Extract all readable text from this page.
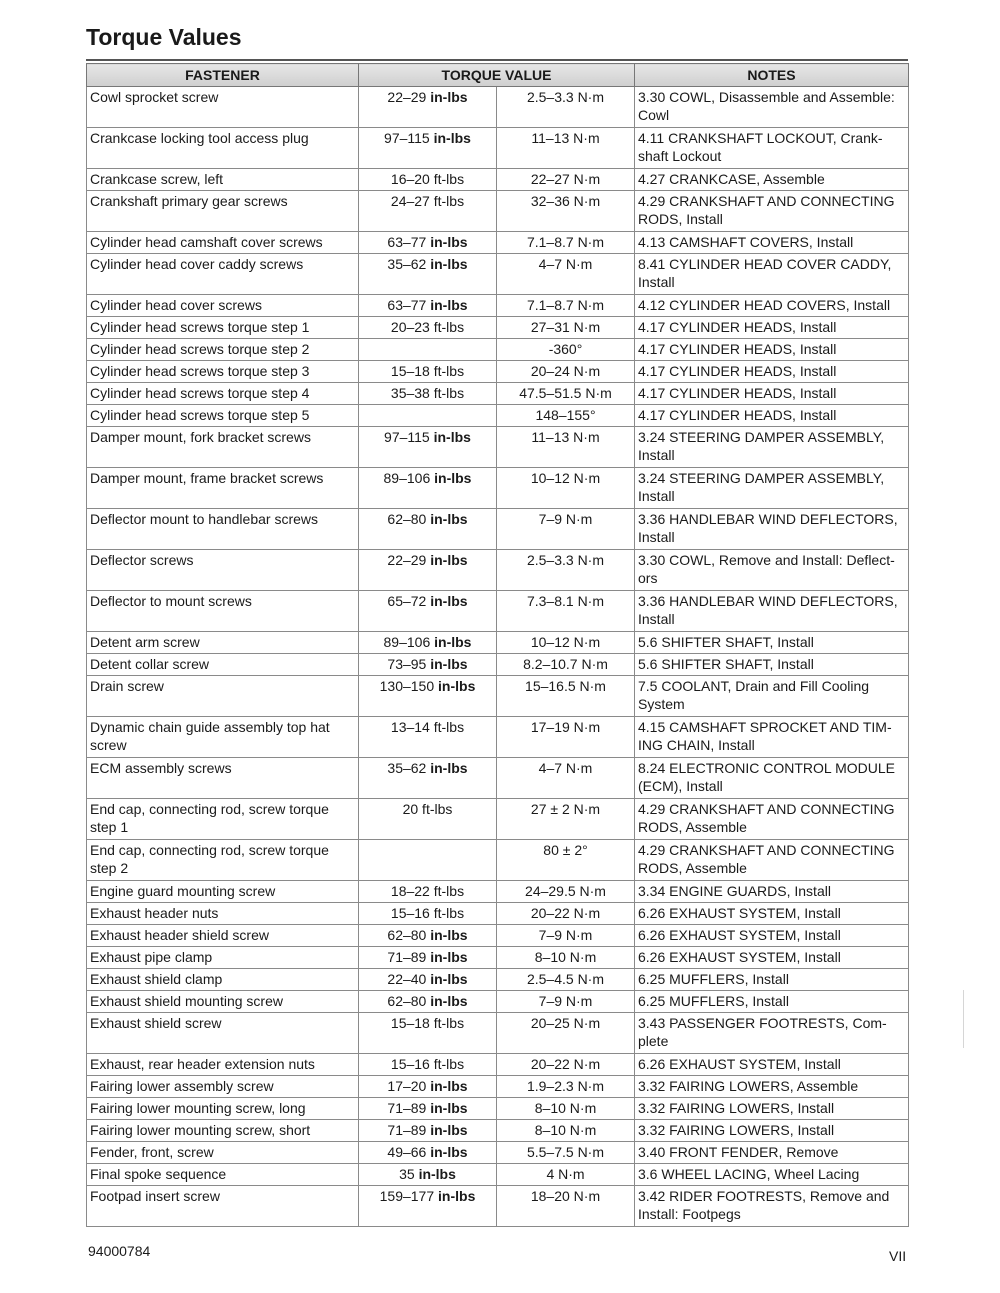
Torque Values
FASTENER	TORQUE VALUE		NOTES
Cowl sprocket screw	22–29 in-lbs	2.5–3.3 N·m	3.30 COWL, Disassemble and Assemble: Cowl
Crankcase locking tool access plug	97–115 in-lbs	11–13 N·m	4.11 CRANKSHAFT LOCKOUT, Crank-shaft Lockout
Crankcase screw, left	16–20 ft-lbs	22–27 N·m	4.27 CRANKCASE, Assemble
Crankshaft primary gear screws	24–27 ft-lbs	32–36 N·m	4.29 CRANKSHAFT AND CONNECTING RODS, Install
Cylinder head camshaft cover screws	63–77 in-lbs	7.1–8.7 N·m	4.13 CAMSHAFT COVERS, Install
Cylinder head cover caddy screws	35–62 in-lbs	4–7 N·m	8.41 CYLINDER HEAD COVER CADDY, Install
Cylinder head cover screws	63–77 in-lbs	7.1–8.7 N·m	4.12 CYLINDER HEAD COVERS, Install
Cylinder head screws torque step 1	20–23 ft-lbs	27–31 N·m	4.17 CYLINDER HEADS, Install
Cylinder head screws torque step 2		-360°	4.17 CYLINDER HEADS, Install
Cylinder head screws torque step 3	15–18 ft-lbs	20–24 N·m	4.17 CYLINDER HEADS, Install
Cylinder head screws torque step 4	35–38 ft-lbs	47.5–51.5 N·m	4.17 CYLINDER HEADS, Install
Cylinder head screws torque step 5		148–155°	4.17 CYLINDER HEADS, Install
Damper mount, fork bracket screws	97–115 in-lbs	11–13 N·m	3.24 STEERING DAMPER ASSEMBLY, Install
Damper mount, frame bracket screws	89–106 in-lbs	10–12 N·m	3.24 STEERING DAMPER ASSEMBLY, Install
Deflector mount to handlebar screws	62–80 in-lbs	7–9 N·m	3.36 HANDLEBAR WIND DEFLECTORS, Install
Deflector screws	22–29 in-lbs	2.5–3.3 N·m	3.30 COWL, Remove and Install: Deflect-ors
Deflector to mount screws	65–72 in-lbs	7.3–8.1 N·m	3.36 HANDLEBAR WIND DEFLECTORS, Install
Detent arm screw	89–106 in-lbs	10–12 N·m	5.6 SHIFTER SHAFT, Install
Detent collar screw	73–95 in-lbs	8.2–10.7 N·m	5.6 SHIFTER SHAFT, Install
Drain screw	130–150 in-lbs	15–16.5 N·m	7.5 COOLANT, Drain and Fill Cooling System
Dynamic chain guide assembly top hat screw	13–14 ft-lbs	17–19 N·m	4.15 CAMSHAFT SPROCKET AND TIM-ING CHAIN, Install
ECM assembly screws	35–62 in-lbs	4–7 N·m	8.24 ELECTRONIC CONTROL MODULE (ECM), Install
End cap, connecting rod, screw torque step 1	20 ft-lbs	27 ± 2 N·m	4.29 CRANKSHAFT AND CONNECTING RODS, Assemble
End cap, connecting rod, screw torque step 2		80 ± 2°	4.29 CRANKSHAFT AND CONNECTING RODS, Assemble
Engine guard mounting screw	18–22 ft-lbs	24–29.5 N·m	3.34 ENGINE GUARDS, Install
Exhaust header nuts	15–16 ft-lbs	20–22 N·m	6.26 EXHAUST SYSTEM, Install
Exhaust header shield screw	62–80 in-lbs	7–9 N·m	6.26 EXHAUST SYSTEM, Install
Exhaust pipe clamp	71–89 in-lbs	8–10 N·m	6.26 EXHAUST SYSTEM, Install
Exhaust shield clamp	22–40 in-lbs	2.5–4.5 N·m	6.25 MUFFLERS, Install
Exhaust shield mounting screw	62–80 in-lbs	7–9 N·m	6.25 MUFFLERS, Install
Exhaust shield screw	15–18 ft-lbs	20–25 N·m	3.43 PASSENGER FOOTRESTS, Com-plete
Exhaust, rear header extension nuts	15–16 ft-lbs	20–22 N·m	6.26 EXHAUST SYSTEM, Install
Fairing lower assembly screw	17–20 in-lbs	1.9–2.3 N·m	3.32 FAIRING LOWERS, Assemble
Fairing lower mounting screw, long	71–89 in-lbs	8–10 N·m	3.32 FAIRING LOWERS, Install
Fairing lower mounting screw, short	71–89 in-lbs	8–10 N·m	3.32 FAIRING LOWERS, Install
Fender, front, screw	49–66 in-lbs	5.5–7.5 N·m	3.40 FRONT FENDER, Remove
Final spoke sequence	35 in-lbs	4 N·m	3.6 WHEEL LACING, Wheel Lacing
Footpad insert screw	159–177 in-lbs	18–20 N·m	3.42 RIDER FOOTRESTS, Remove and Install: Footpegs
94000784	VII
